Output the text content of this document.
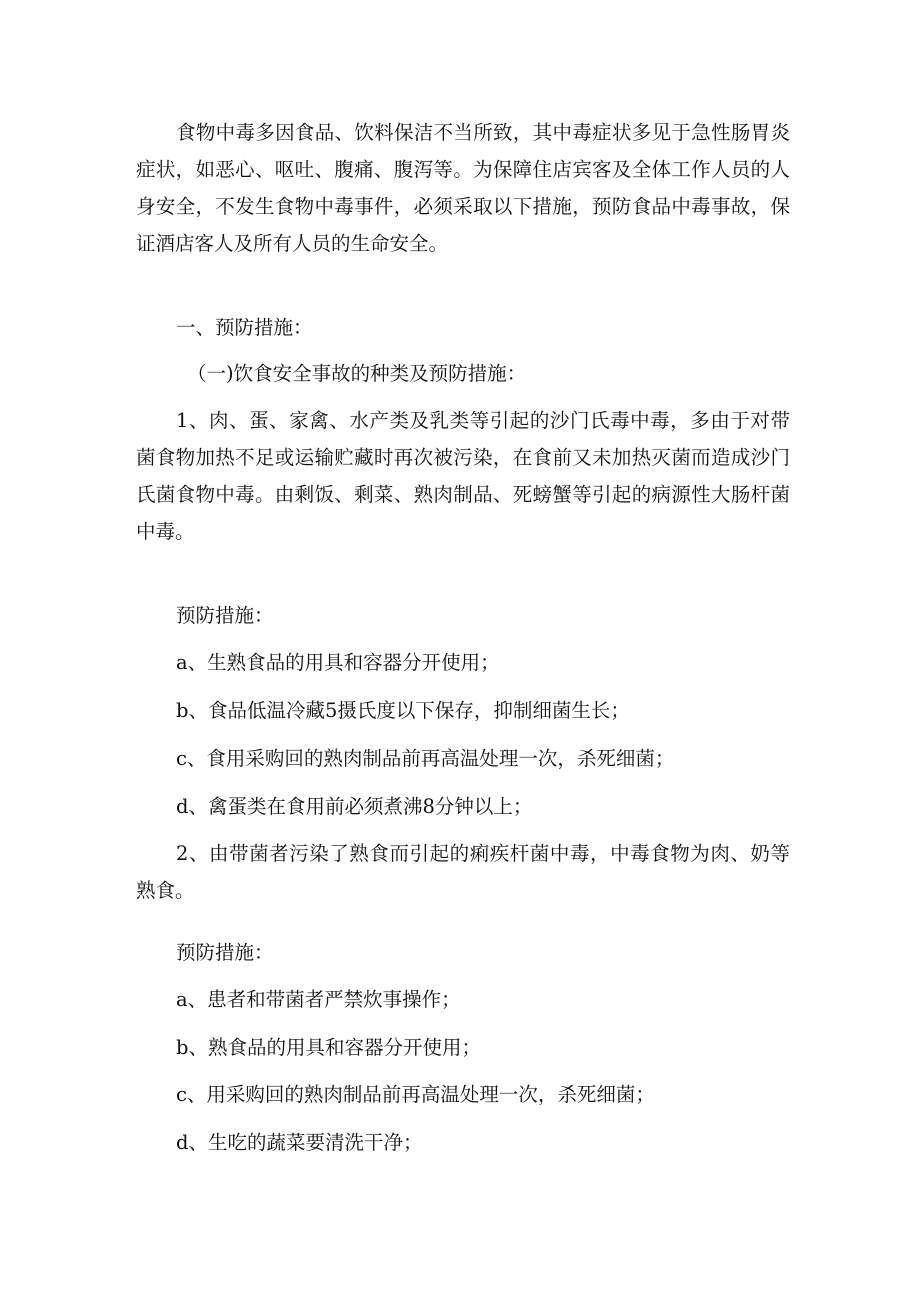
食物中毒多因食品、饮料保洁不当所致，其中毒症状多见于急性肠胃炎症状，如恶心、呕吐、腹痛、腹泻等。为保障住店宾客及全体工作人员的人身安全，不发生食物中毒事件，必须采取以下措施，预防食品中毒事故，保证酒店客人及所有人员的生命安全。

一、预防措施：

（一)饮食安全事故的种类及预防措施：

1、肉、蛋、家禽、水产类及乳类等引起的沙门氏毒中毒，多由于对带菌食物加热不足或运输贮藏时再次被污染，在食前又未加热灭菌而造成沙门氏菌食物中毒。由剩饭、剩菜、熟肉制品、死螃蟹等引起的病源性大肠杆菌中毒。

预防措施：

a、生熟食品的用具和容器分开使用；

b、食品低温冷藏5摄氏度以下保存，抑制细菌生长；

c、食用采购回的熟肉制品前再高温处理一次，杀死细菌；

d、禽蛋类在食用前必须煮沸8分钟以上；

2、由带菌者污染了熟食而引起的痢疾杆菌中毒，中毒食物为肉、奶等熟食。

预防措施：

a、患者和带菌者严禁炊事操作；

b、熟食品的用具和容器分开使用；

c、用采购回的熟肉制品前再高温处理一次，杀死细菌；

d、生吃的蔬菜要清洗干净；
